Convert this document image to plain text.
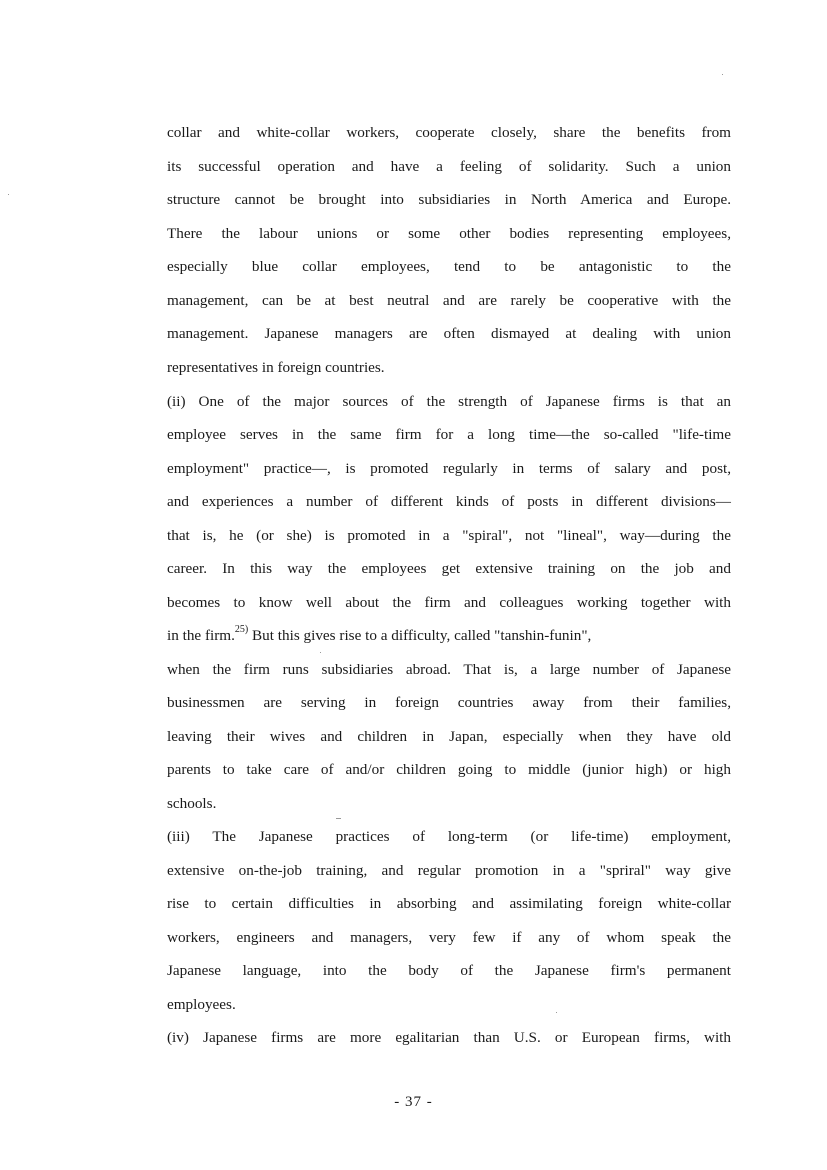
collar and white-collar workers, cooperate closely, share the benefits from
its successful operation and have a feeling of solidarity. Such a union
structure cannot be brought into subsidiaries in North America and Europe.
There the labour unions or some other bodies representing employees,
especially blue collar employees, tend to be antagonistic to the
management, can be at best neutral and are rarely be cooperative with the
management. Japanese managers are often dismayed at dealing with union
representatives in foreign countries.
(ii) One of the major sources of the strength of Japanese firms is that an
employee serves in the same firm for a long time—the so-called "life-time
employment" practice—, is promoted regularly in terms of salary and post,
and experiences a number of different kinds of posts in different divisions—
that is, he (or she) is promoted in a "spiral", not "lineal", way—during the
career. In this way the employees get extensive training on the job and
becomes to know well about the firm and colleagues working together with
in the firm.$^{25)}$ But this gives rise to a difficulty, called "tanshin-funin",
when the firm runs subsidiaries abroad. That is, a large number of Japanese
businessmen are serving in foreign countries away from their families,
leaving their wives and children in Japan, especially when they have old
parents to take care of and/or children going to middle (junior high) or high
schools.
(iii) The Japanese practices of long-term (or life-time) employment,
extensive on-the-job training, and regular promotion in a "spriral" way give
rise to certain difficulties in absorbing and assimilating foreign white-collar
workers, engineers and managers, very few if any of whom speak the
Japanese language, into the body of the Japanese firm's permanent
employees.
(iv) Japanese firms are more egalitarian than U.S. or European firms, with
- 37 -
